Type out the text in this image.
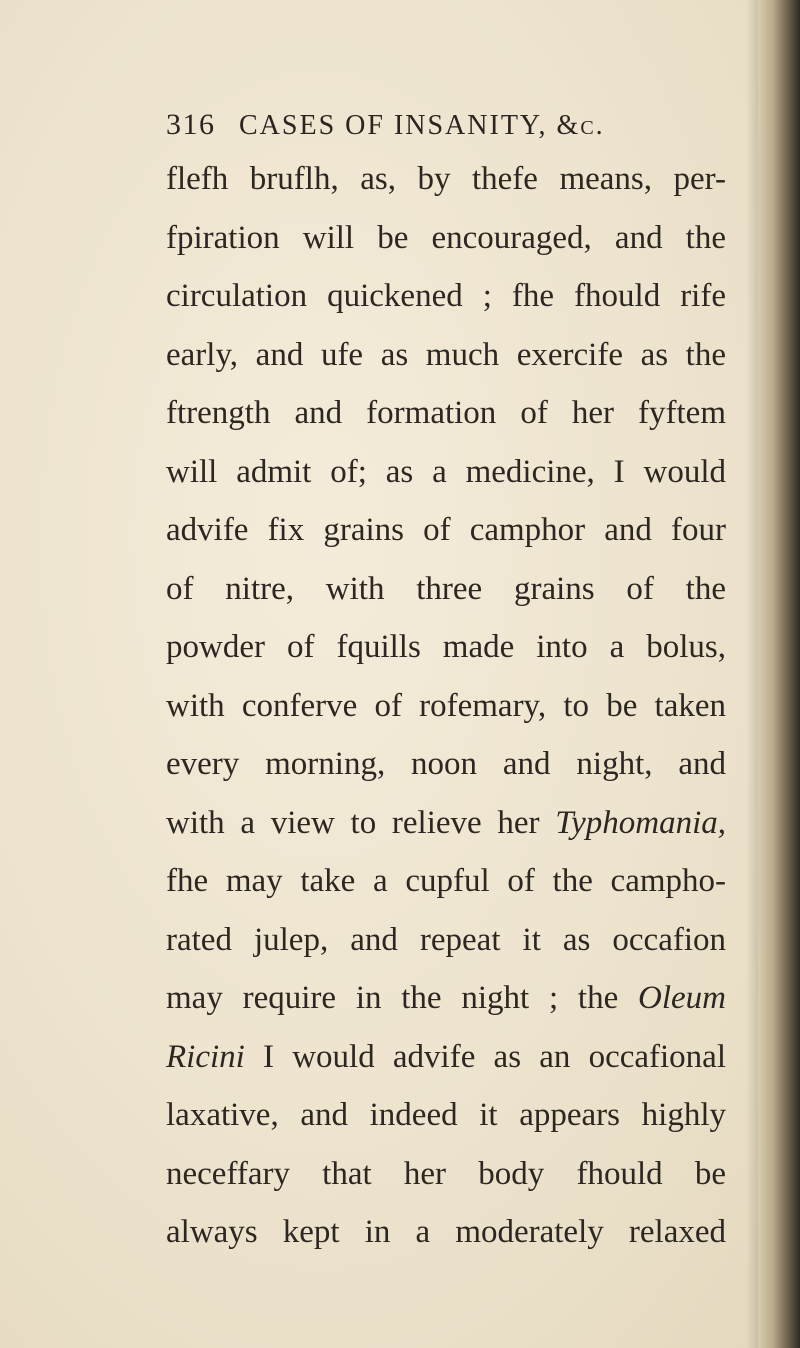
316 CASES OF INSANITY, &c.
flefh bruflh, as, by thefe means, per-
fpiration will be encouraged, and the
circulation quickened ; fhe fhould rife
early, and ufe as much exercife as the
ftrength and formation of her fyftem
will admit of; as a medicine, I would
advife fix grains of camphor and four
of nitre, with three grains of the
powder of fquills made into a bolus,
with conferve of rofemary, to be taken
every morning, noon and night, and
with a view to relieve her Typhomania,
fhe may take a cupful of the campho-
rated julep, and repeat it as occafion
may require in the night ; the Oleum
Ricini I would advife as an occafional
laxative, and indeed it appears highly
neceffary that her body fhould be
always kept in a moderately relaxed
